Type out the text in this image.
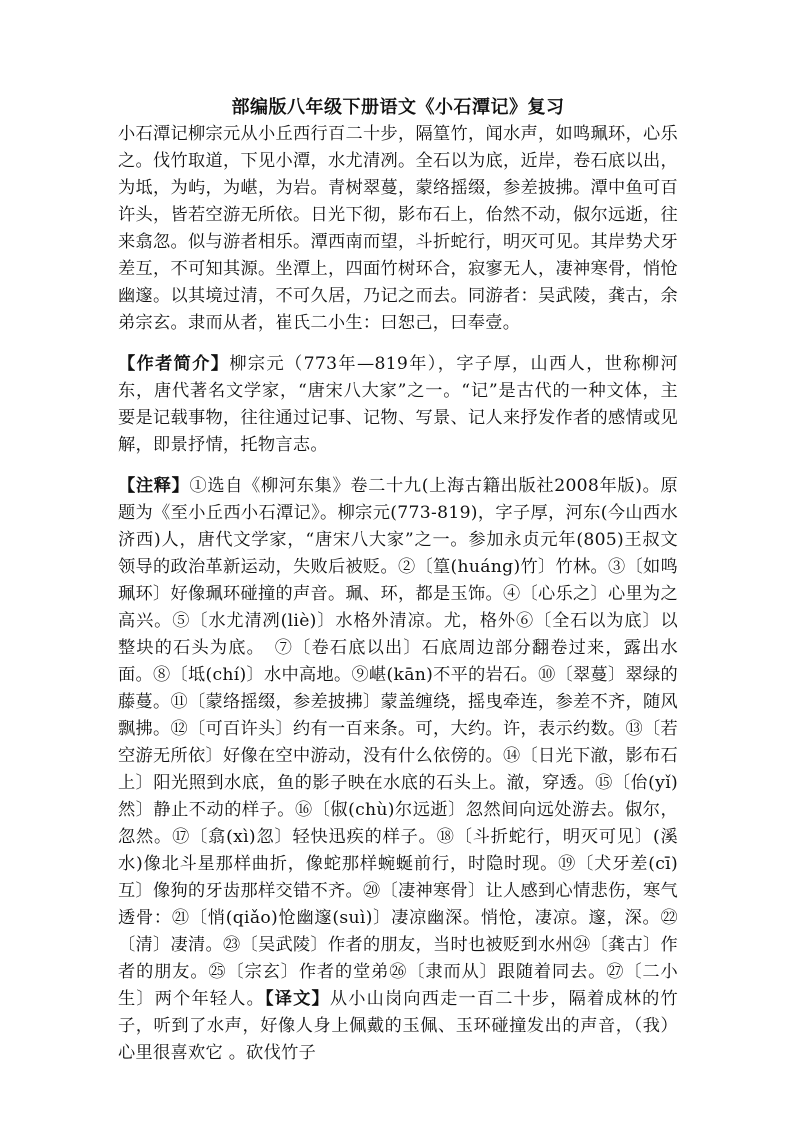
部编版八年级下册语文《小石潭记》复习

小石潭记柳宗元从小丘西行百二十步，隔篁竹，闻水声，如鸣珮环，心乐之。伐竹取道，下见小潭，水尤清冽。全石以为底，近岸，卷石底以出，为坻，为屿，为嵁，为岩。青树翠蔓，蒙络摇缀，参差披拂。潭中鱼可百许头，皆若空游无所依。日光下彻，影布石上，佁然不动，俶尔远逝，往来翕忽。似与游者相乐。潭西南而望，斗折蛇行，明灭可见。其岸势犬牙差互，不可知其源。坐潭上，四面竹树环合，寂寥无人，凄神寒骨，悄怆幽邃。以其境过清，不可久居，乃记之而去。同游者：吴武陵，龚古，余弟宗玄。隶而从者，崔氏二小生：曰恕己，曰奉壹。

【作者简介】柳宗元（773年—819年），字子厚，山西人，世称柳河东，唐代著名文学家，“唐宋八大家”之一。“记”是古代的一种文体，主要是记载事物，往往通过记事、记物、写景、记人来抒发作者的感情或见解，即景抒情，托物言志。

【注释】①选自《柳河东集》卷二十九(上海古籍出版社2008年版)。原题为《至小丘西小石潭记》。柳宗元(773-819)，字子厚，河东(今山西水济西)人，唐代文学家，“唐宋八大家”之一。参加永贞元年(805)王叔文领导的政治革新运动，失败后被贬。②〔篁(huáng)竹〕竹林。③〔如鸣珮环〕好像珮环碰撞的声音。珮、环，都是玉饰。④〔心乐之〕心里为之高兴。⑤〔水尤清冽(liè)〕水格外清凉。尤，格外⑥〔全石以为底〕以整块的石头为底。　⑦〔卷石底以出〕石底周边部分翻卷过来，露出水面。⑧〔坻(chí)〕水中高地。⑨嵁(kān)不平的岩石。⑩〔翠蔓〕翠绿的藤蔓。⑪〔蒙络摇缀，参差披拂〕蒙盖缠绕，摇曳牵连，参差不齐，随风飘拂。⑫〔可百许头〕约有一百来条。可，大约。许，表示约数。⑬〔若空游无所依〕好像在空中游动，没有什么依傍的。⑭〔日光下澈，影布石上〕阳光照到水底，鱼的影子映在水底的石头上。澈，穿透。⑮〔佁(yǐ)然〕静止不动的样子。⑯〔俶(chù)尔远逝〕忽然间向远处游去。俶尔，忽然。⑰〔翕(xì)忽〕轻快迅疾的样子。⑱〔斗折蛇行，明灭可见〕(溪水)像北斗星那样曲折，像蛇那样蜿蜒前行，时隐时现。⑲〔犬牙差(cī)互〕像狗的牙齿那样交错不齐。⑳〔凄神寒骨〕让人感到心情悲伤，寒气透骨：㉑〔悄(qiǎo)怆幽邃(suì)〕凄凉幽深。悄怆，凄凉。邃，深。㉒〔清〕凄清。㉓〔吴武陵〕作者的朋友，当时也被贬到水州㉔〔龚古〕作者的朋友。㉕〔宗玄〕作者的堂弟㉖〔隶而从〕跟随着同去。㉗〔二小生〕两个年轻人。【译文】从小山岗向西走一百二十步，隔着成林的竹子，听到了水声，好像人身上佩戴的玉佩、玉环碰撞发出的声音，（我）心里很喜欢它 。砍伐竹子
